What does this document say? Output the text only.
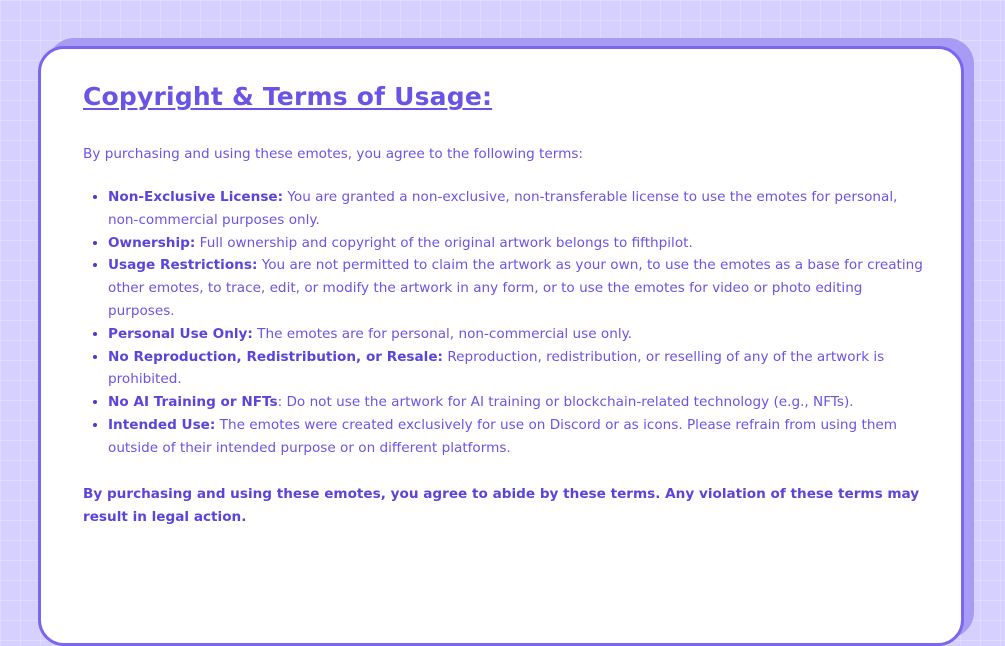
Copyright & Terms of Usage:

By purchasing and using these emotes, you agree to the following terms:

• Non-Exclusive License: You are granted a non-exclusive, non-transferable license to use the emotes for personal, non-commercial purposes only.
• Ownership: Full ownership and copyright of the original artwork belongs to fifthpilot.
• Usage Restrictions: You are not permitted to claim the artwork as your own, to use the emotes as a base for creating other emotes, to trace, edit, or modify the artwork in any form, or to use the emotes for video or photo editing purposes.
• Personal Use Only: The emotes are for personal, non-commercial use only.
• No Reproduction, Redistribution, or Resale: Reproduction, redistribution, or reselling of any of the artwork is prohibited.
• No AI Training or NFTs: Do not use the artwork for AI training or blockchain-related technology (e.g., NFTs).
• Intended Use: The emotes were created exclusively for use on Discord or as icons. Please refrain from using them outside of their intended purpose or on different platforms.

By purchasing and using these emotes, you agree to abide by these terms. Any violation of these terms may result in legal action.
